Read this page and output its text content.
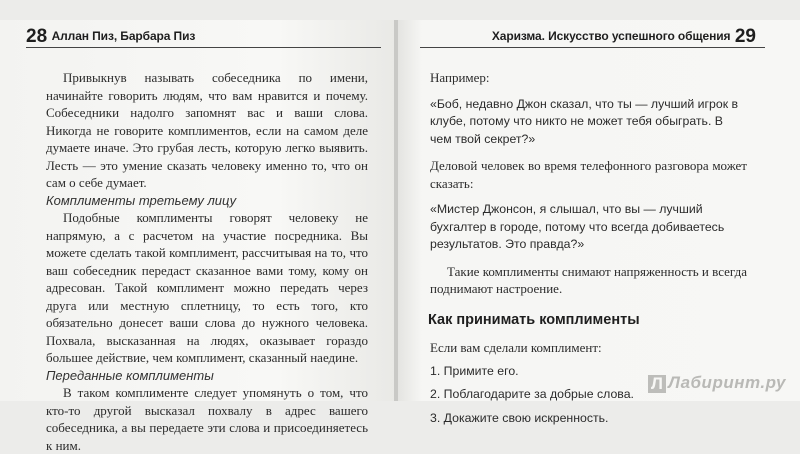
28 Аллан Пиз, Барбара Пиз	Харизма. Искусство успешного общения 29

Привыкнув называть собеседника по имени, начинайте говорить людям, что вам нравится и почему. Собеседники надолго запомнят вас и ваши слова. Никогда не говорите комплиментов, если на самом деле думаете иначе. Это грубая лесть, которую легко выявить. Лесть — это умение сказать человеку именно то, что он сам о себе думает.

Комплименты третьему лицу

Подобные комплименты говорят человеку не напрямую, а с расчетом на участие посредника. Вы можете сделать такой комплимент, рассчитывая на то, что ваш собеседник передаст сказанное вами тому, кому он адресован. Такой комплимент можно передать через друга или местную сплетницу, то есть того, кто обязательно донесет ваши слова до нужного человека. Похвала, высказанная на людях, оказывает гораздо большее действие, чем комплимент, сказанный наедине.

Переданные комплименты

В таком комплименте следует упомянуть о том, что кто-то другой высказал похвалу в адрес вашего собеседника, а вы передаете эти слова и присоединяетесь к ним.

Например:

«Боб, недавно Джон сказал, что ты — лучший игрок в клубе, потому что никто не может тебя обыграть. В чем твой секрет?»

Деловой человек во время телефонного разговора может сказать:

«Мистер Джонсон, я слышал, что вы — лучший бухгалтер в городе, потому что всегда добиваетесь результатов. Это правда?»

Такие комплименты снимают напряженность и всегда поднимают настроение.

Как принимать комплименты

Если вам сделали комплимент:

1. Примите его.

2. Поблагодарите за добрые слова.

3. Докажите свою искренность.

Л Лабиринт.ру
